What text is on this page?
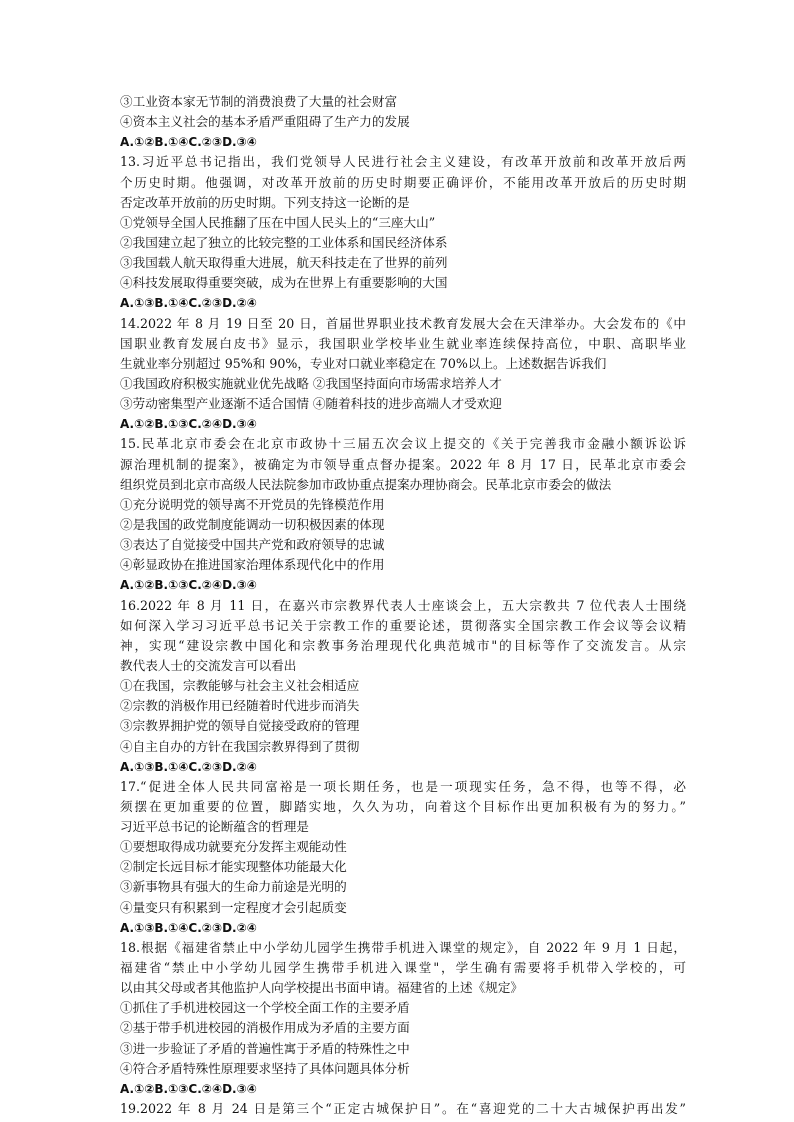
③工业资本家无节制的消费浪费了大量的社会财富
④资本主义社会的基本矛盾严重阻碍了生产力的发展
A.①②B.①④C.②③D.③④
13.习近平总书记指出，我们党领导人民进行社会主义建设，有改革开放前和改革开放后两
个历史时期。他强调，对改革开放前的历史时期要正确评价，不能用改革开放后的历史时期
否定改革开放前的历史时期。下列支持这一论断的是
①党领导全国人民推翻了压在中国人民头上的“三座大山”
②我国建立起了独立的比较完整的工业体系和国民经济体系
③我国载人航天取得重大进展，航天科技走在了世界的前列
④科技发展取得重要突破，成为在世界上有重要影响的大国
A.①③B.①④C.②③D.②④
14.2022 年 8 月 19 日至 20 日，首届世界职业技术教育发展大会在天津举办。大会发布的《中
国职业教育发展白皮书》显示，我国职业学校毕业生就业率连续保持高位，中职、高职毕业
生就业率分别超过 95%和 90%，专业对口就业率稳定在 70%以上。上述数据告诉我们
①我国政府积极实施就业优先战略 ②我国坚持面向市场需求培养人才
③劳动密集型产业逐渐不适合国情 ④随着科技的进步高端人才受欢迎
A.①②B.①③C.②④D.③④
15.民革北京市委会在北京市政协十三届五次会议上提交的《关于完善我市金融小额诉讼诉
源治理机制的提案》，被确定为市领导重点督办提案。2022 年 8 月 17 日，民革北京市委会
组织党员到北京市高级人民法院参加市政协重点提案办理协商会。民革北京市委会的做法
①充分说明党的领导离不开党员的先锋模范作用
②是我国的政党制度能调动一切积极因素的体现
③表达了自觉接受中国共产党和政府领导的忠诚
④彰显政协在推进国家治理体系现代化中的作用
A.①②B.①③C.②④D.③④
16.2022 年 8 月 11 日，在嘉兴市宗教界代表人士座谈会上，五大宗教共 7 位代表人士围绕
如何深入学习习近平总书记关于宗教工作的重要论述，贯彻落实全国宗教工作会议等会议精
神，实现“建设宗教中国化和宗教事务治理现代化典范城市"的目标等作了交流发言。从宗
教代表人士的交流发言可以看出
①在我国，宗教能够与社会主义社会相适应
②宗教的消极作用已经随着时代进步而消失
③宗教界拥护党的领导自觉接受政府的管理
④自主自办的方针在我国宗教界得到了贯彻
A.①③B.①④C.②③D.②④
17.“促进全体人民共同富裕是一项长期任务，也是一项现实任务，急不得，也等不得，必
须摆在更加重要的位置，脚踏实地，久久为功，向着这个目标作出更加积极有为的努力。”
习近平总书记的论断蕴含的哲理是
①要想取得成功就要充分发挥主观能动性
②制定长远目标才能实现整体功能最大化
③新事物具有强大的生命力前途是光明的
④量变只有积累到一定程度才会引起质变
A.①③B.①④C.②③D.②④
18.根据《福建省禁止中小学幼儿园学生携带手机进入课堂的规定》，自 2022 年 9 月 1 日起，
福建省“禁止中小学幼儿园学生携带手机进入课堂"，学生确有需要将手机带入学校的，可
以由其父母或者其他监护人向学校提出书面申请。福建省的上述《规定》
①抓住了手机进校园这一个学校全面工作的主要矛盾
②基于带手机进校园的消极作用成为矛盾的主要方面
③进一步验证了矛盾的普遍性寓于矛盾的特殊性之中
④符合矛盾特殊性原理要求坚持了具体问题具体分析
A.①②B.①③C.②④D.③④
19.2022 年 8 月 24 日是第三个“正定古城保护日”。在“喜迎党的二十大古城保护再出发”
